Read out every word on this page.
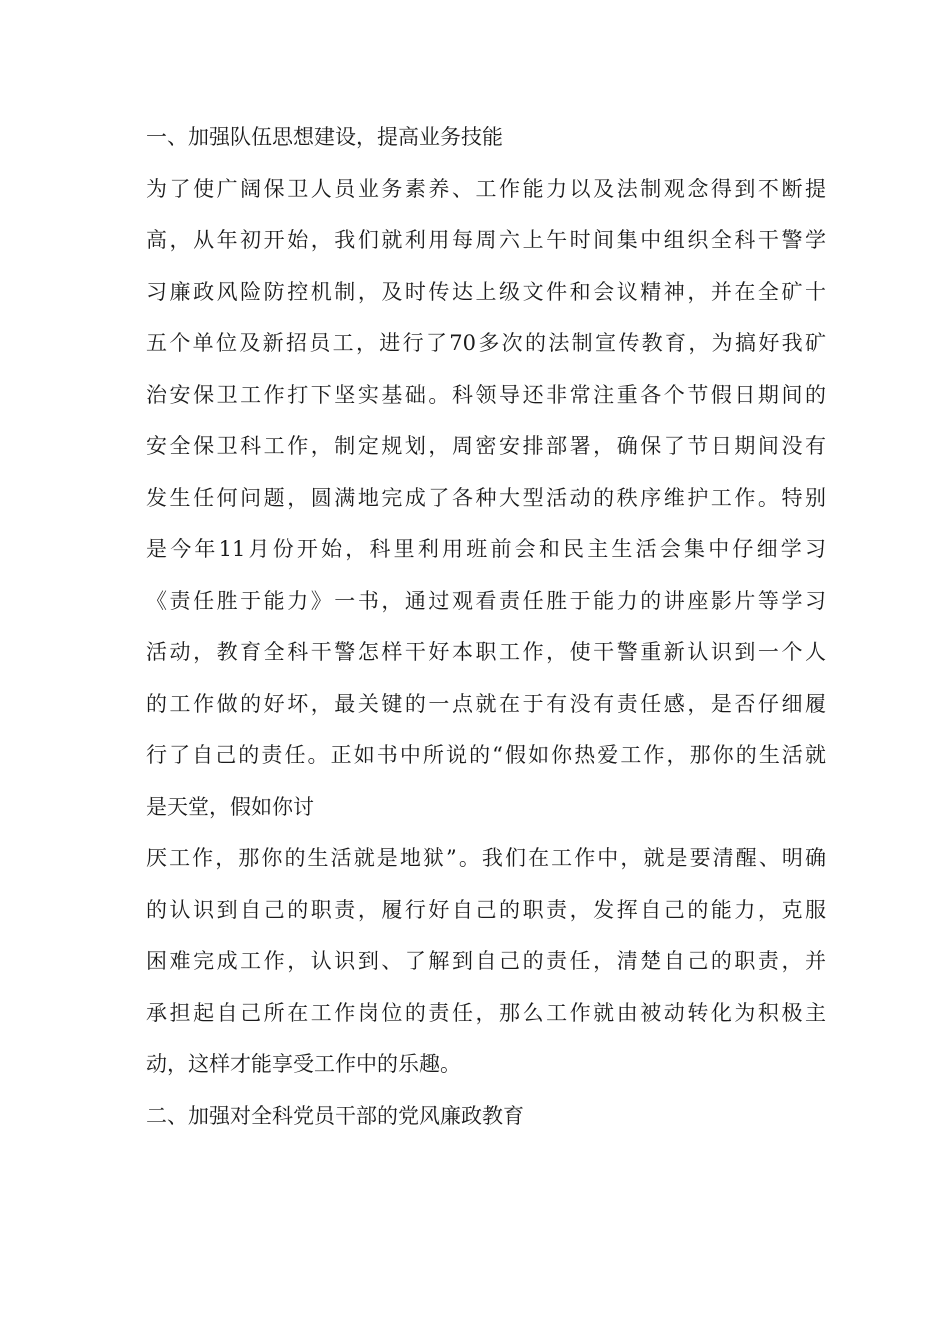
一、加强队伍思想建设，提高业务技能
为了使广阔保卫人员业务素养、工作能力以及法制观念得到不断提
高，从年初开始，我们就利用每周六上午时间集中组织全科干警学
习廉政风险防控机制，及时传达上级文件和会议精神，并在全矿十
五个单位及新招员工，进行了70多次的法制宣传教育，为搞好我矿
治安保卫工作打下坚实基础。科领导还非常注重各个节假日期间的
安全保卫科工作，制定规划，周密安排部署，确保了节日期间没有
发生任何问题，圆满地完成了各种大型活动的秩序维护工作。特别
是今年11月份开始，科里利用班前会和民主生活会集中仔细学习
《责任胜于能力》一书，通过观看责任胜于能力的讲座影片等学习
活动，教育全科干警怎样干好本职工作，使干警重新认识到一个人
的工作做的好坏，最关键的一点就在于有没有责任感，是否仔细履
行了自己的责任。正如书中所说的“假如你热爱工作，那你的生活就
是天堂，假如你讨
厌工作，那你的生活就是地狱”。我们在工作中，就是要清醒、明确
的认识到自己的职责，履行好自己的职责，发挥自己的能力，克服
困难完成工作，认识到、了解到自己的责任，清楚自己的职责，并
承担起自己所在工作岗位的责任，那么工作就由被动转化为积极主
动，这样才能享受工作中的乐趣。
二、加强对全科党员干部的党风廉政教育
